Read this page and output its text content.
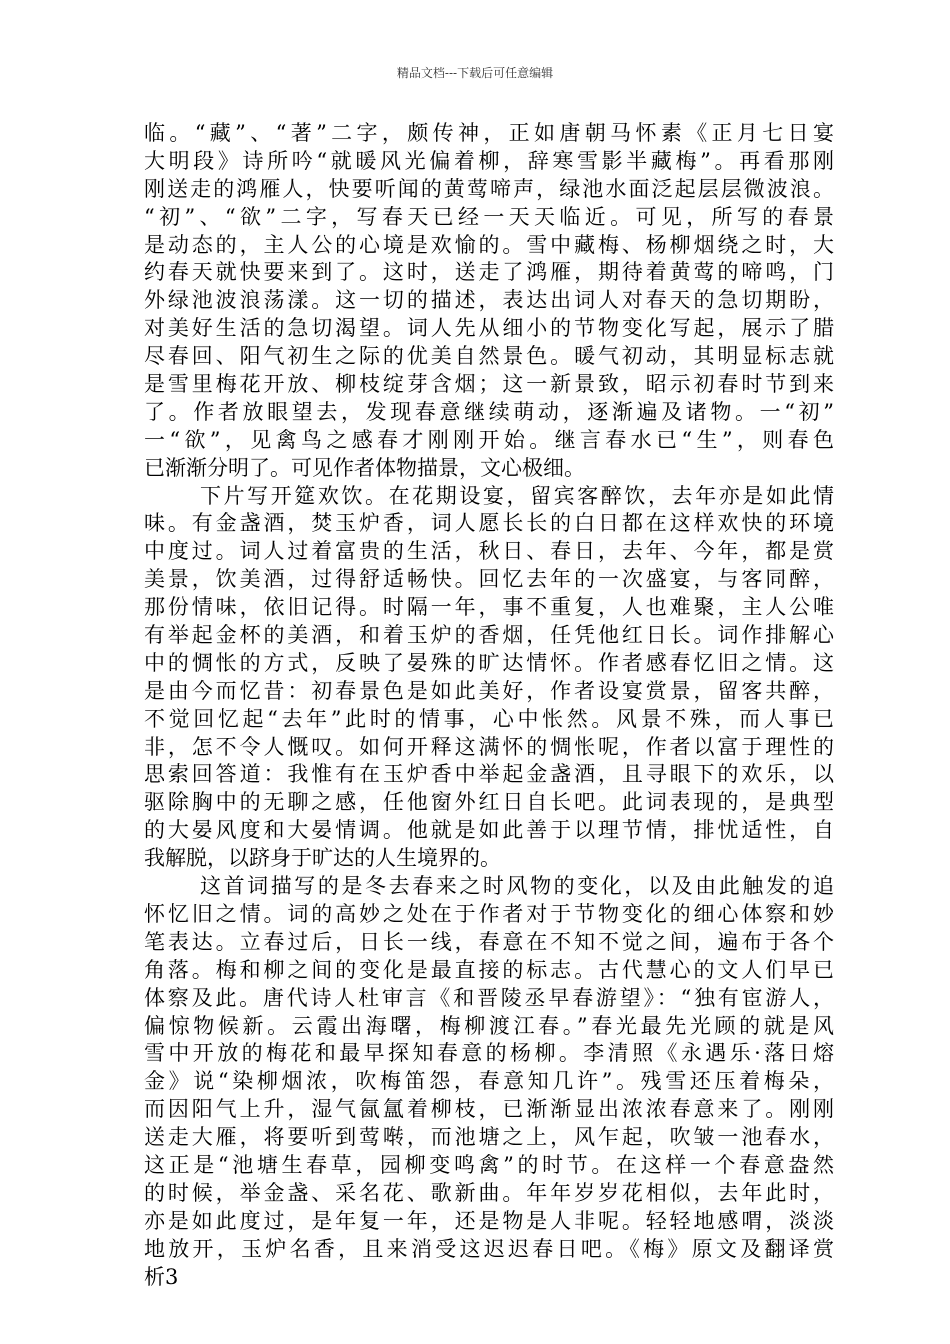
精品文档---下载后可任意编辑
临。“藏”、“著”二字，颇传神，正如唐朝马怀素《正月七日宴
大明段》诗所吟“就暖风光偏着柳，辞寒雪影半藏梅”。再看那刚
刚送走的鸿雁人，快要听闻的黄莺啼声，绿池水面泛起层层微波浪。
“初”、“欲”二字，写春天已经一天天临近。可见，所写的春景
是动态的，主人公的心境是欢愉的。雪中藏梅、杨柳烟绕之时，大
约春天就快要来到了。这时，送走了鸿雁，期待着黄莺的啼鸣，门
外绿池波浪荡漾。这一切的描述，表达出词人对春天的急切期盼，
对美好生活的急切渴望。词人先从细小的节物变化写起，展示了腊
尽春回、阳气初生之际的优美自然景色。暖气初动，其明显标志就
是雪里梅花开放、柳枝绽芽含烟；这一新景致，昭示初春时节到来
了。作者放眼望去，发现春意继续萌动，逐渐遍及诸物。一“初”
一“欲”，见禽鸟之感春才刚刚开始。继言春水已“生”，则春色
已渐渐分明了。可见作者体物描景，文心极细。
下片写开筵欢饮。在花期设宴，留宾客醉饮，去年亦是如此情
味。有金盏酒，焚玉炉香，词人愿长长的白日都在这样欢快的环境
中度过。词人过着富贵的生活，秋日、春日，去年、今年，都是赏
美景，饮美酒，过得舒适畅快。回忆去年的一次盛宴，与客同醉，
那份情味，依旧记得。时隔一年，事不重复，人也难聚，主人公唯
有举起金杯的美酒，和着玉炉的香烟，任凭他红日长。词作排解心
中的惆怅的方式，反映了晏殊的旷达情怀。作者感春忆旧之情。这
是由今而忆昔：初春景色是如此美好，作者设宴赏景，留客共醉，
不觉回忆起“去年”此时的情事，心中怅然。风景不殊，而人事已
非，怎不令人慨叹。如何开释这满怀的惆怅呢，作者以富于理性的
思索回答道：我惟有在玉炉香中举起金盏酒，且寻眼下的欢乐，以
驱除胸中的无聊之感，任他窗外红日自长吧。此词表现的，是典型
的大晏风度和大晏情调。他就是如此善于以理节情，排忧适性，自
我解脱，以跻身于旷达的人生境界的。
这首词描写的是冬去春来之时风物的变化，以及由此触发的追
怀忆旧之情。词的高妙之处在于作者对于节物变化的细心体察和妙
笔表达。立春过后，日长一线，春意在不知不觉之间，遍布于各个
角落。梅和柳之间的变化是最直接的标志。古代慧心的文人们早已
体察及此。唐代诗人杜审言《和晋陵丞早春游望》：“独有宦游人，
偏惊物候新。云霞出海曙，梅柳渡江春。”春光最先光顾的就是风
雪中开放的梅花和最早探知春意的杨柳。李清照《永遇乐·落日熔
金》说“染柳烟浓，吹梅笛怨，春意知几许”。残雪还压着梅朵，
而因阳气上升，湿气氤氲着柳枝，已渐渐显出浓浓春意来了。刚刚
送走大雁，将要听到莺啭，而池塘之上，风乍起，吹皱一池春水，
这正是“池塘生春草，园柳变鸣禽”的时节。在这样一个春意盎然
的时候，举金盏、采名花、歌新曲。年年岁岁花相似，去年此时，
亦是如此度过，是年复一年，还是物是人非呢。轻轻地感喟，淡淡
地放开，玉炉名香，且来消受这迟迟春日吧。《梅》原文及翻译赏
析3
